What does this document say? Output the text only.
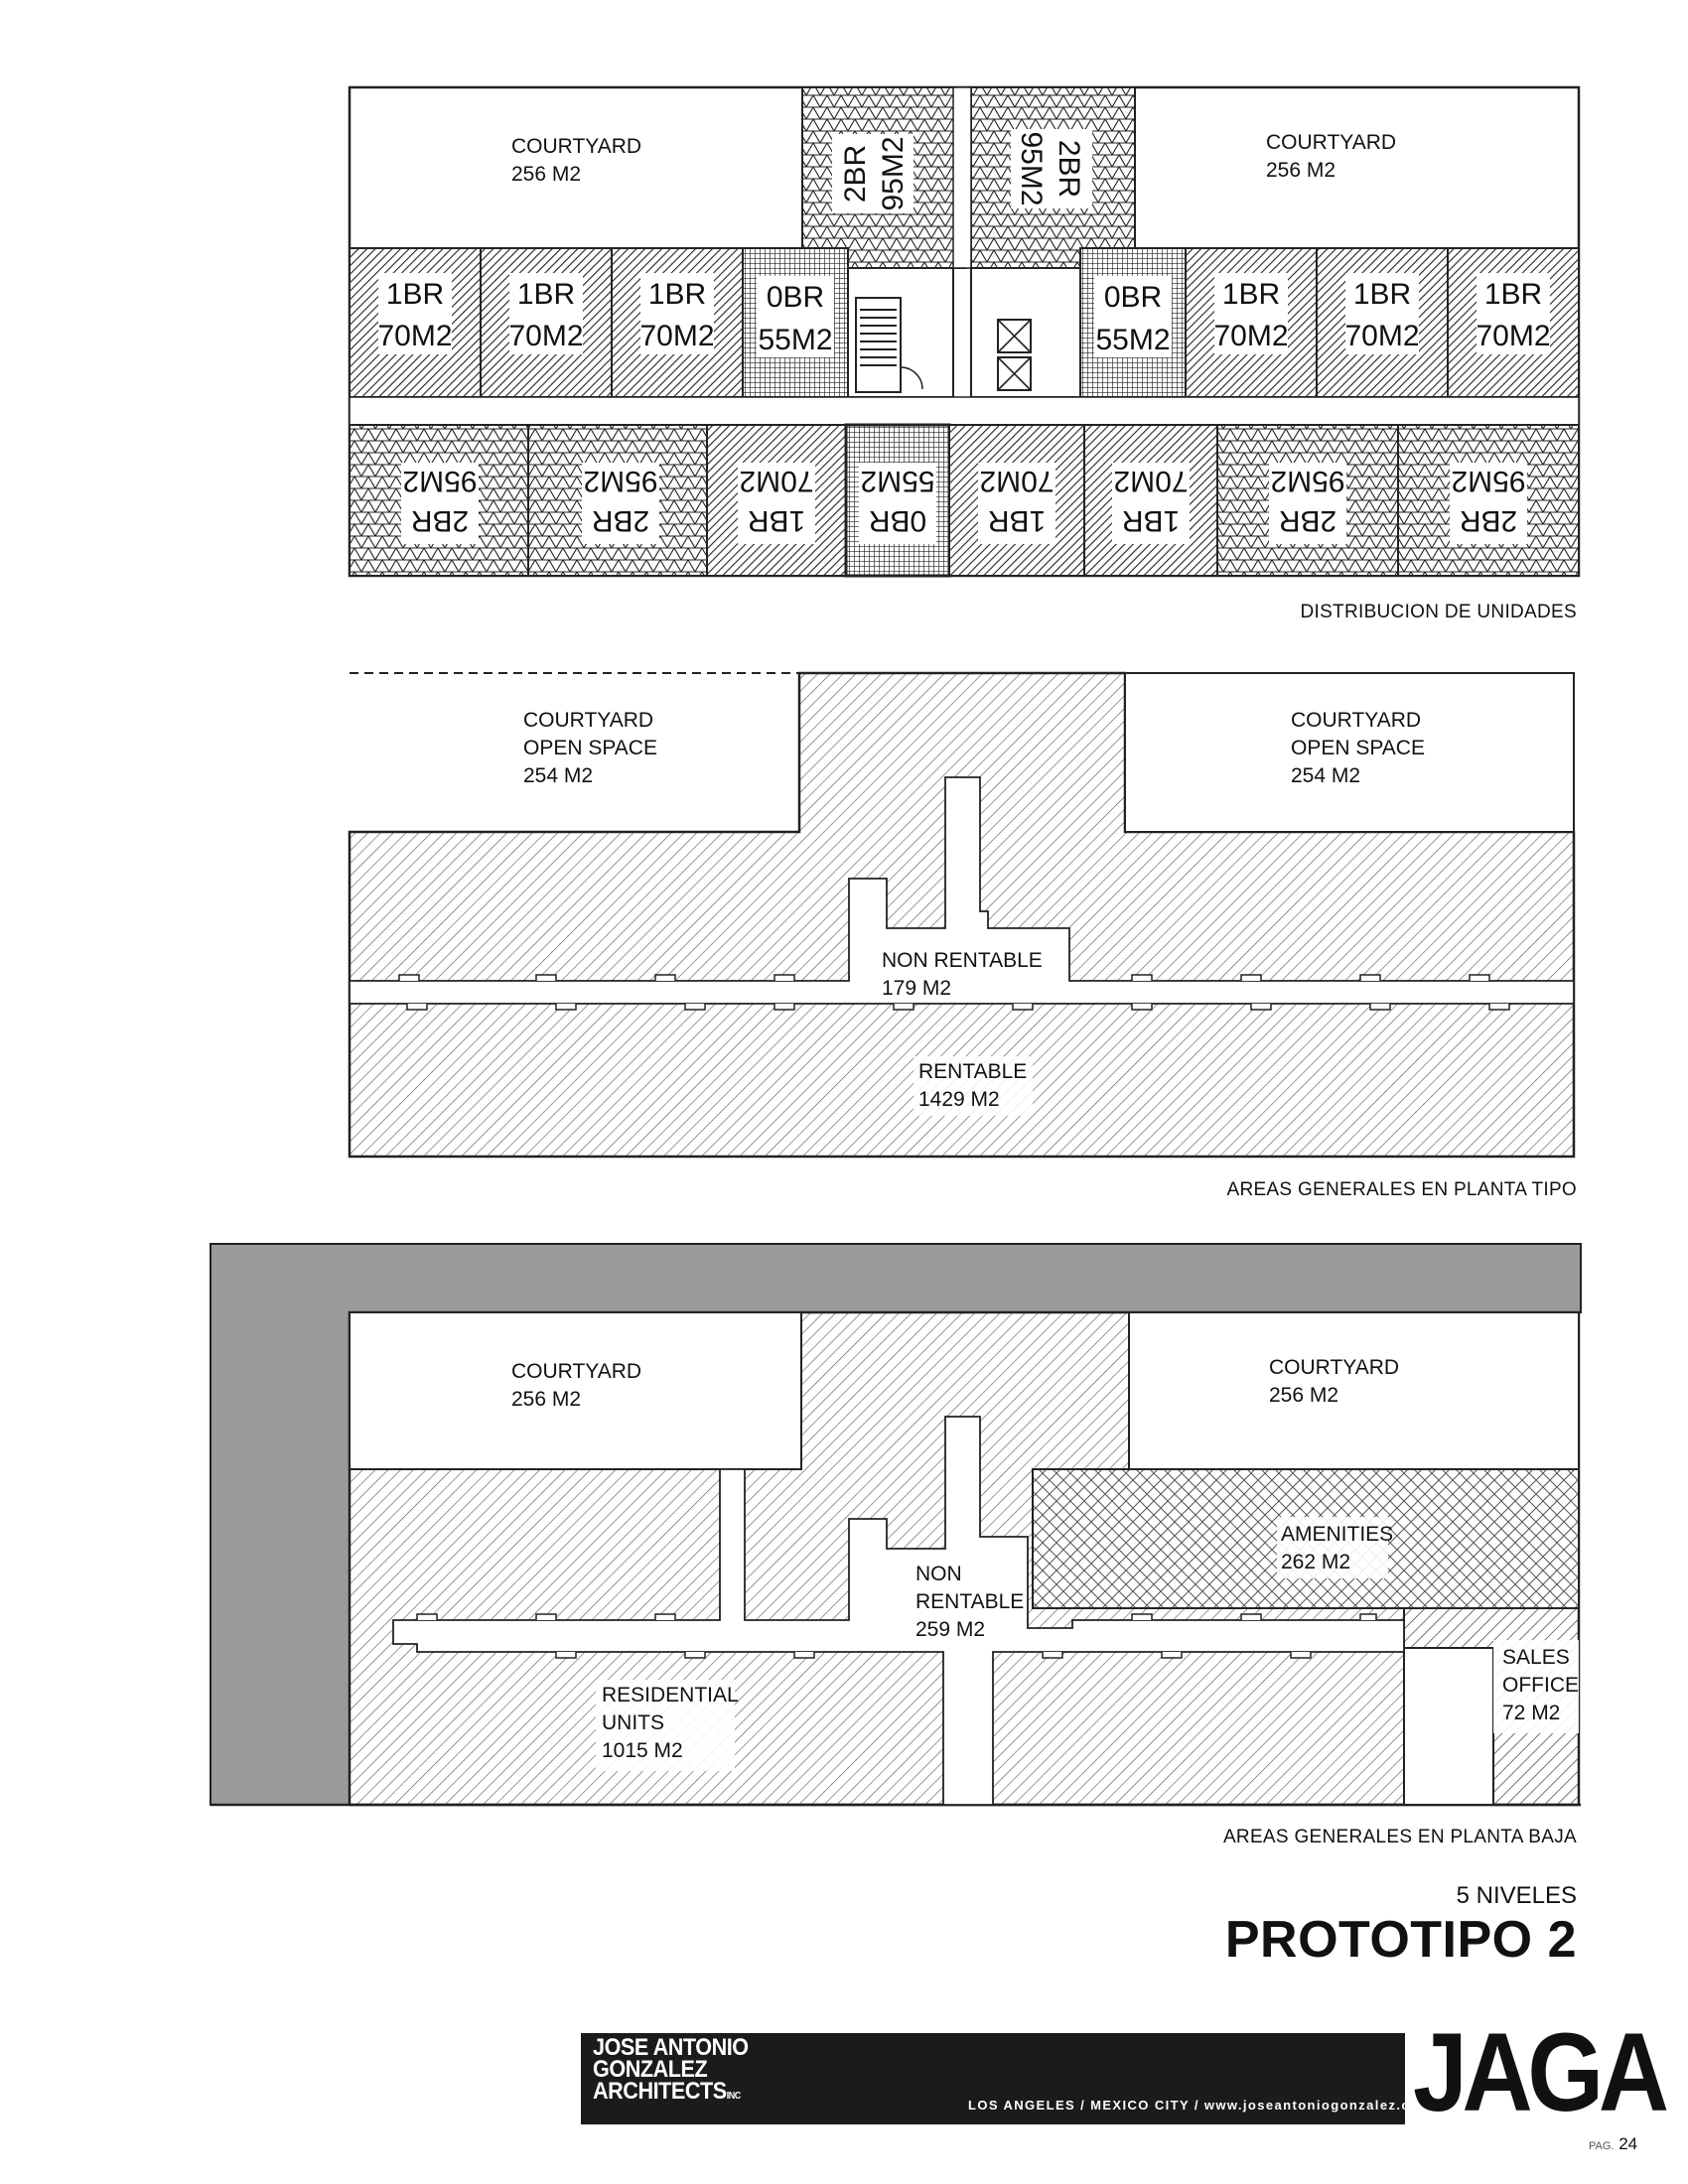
COURTYARD
256 M2
COURTYARD
256 M2
1BR
70M2
1BR
70M2
1BR
70M2
0BR
55M2
0BR
55M2
1BR
70M2
1BR
70M2
1BR
70M2
2BR 95M2	2BR
95M2
2BR
95M2
2BR
95M2
1BR
70M2
0BR
55M2
1BR
70M2
1BR
70M2
2BR
95M2
2BR
95M2
COURTYARD
OPEN SPACE
254 M2
COURTYARD
OPEN SPACE
254 M2
NON RENTABLE
179 M2
RENTABLE
1429 M2
COURTYARD
256 M2
COURTYARD
256 M2
NON
RENTABLE
259 M2
AMENITIES
262 M2
SALES
OFFICE
72 M2
RESIDENTIAL
UNITS
1015 M2
DISTRIBUCION DE UNIDADES
AREAS GENERALES EN PLANTA TIPO
AREAS GENERALES EN PLANTA BAJA
5 NIVELES
PROTOTIPO 2
JOSE ANTONIO
GONZALEZ
ARCHITECTSINC
LOS ANGELES / MEXICO CITY / www.joseantoniogonzalez.com
JAGA
PAG. 24
